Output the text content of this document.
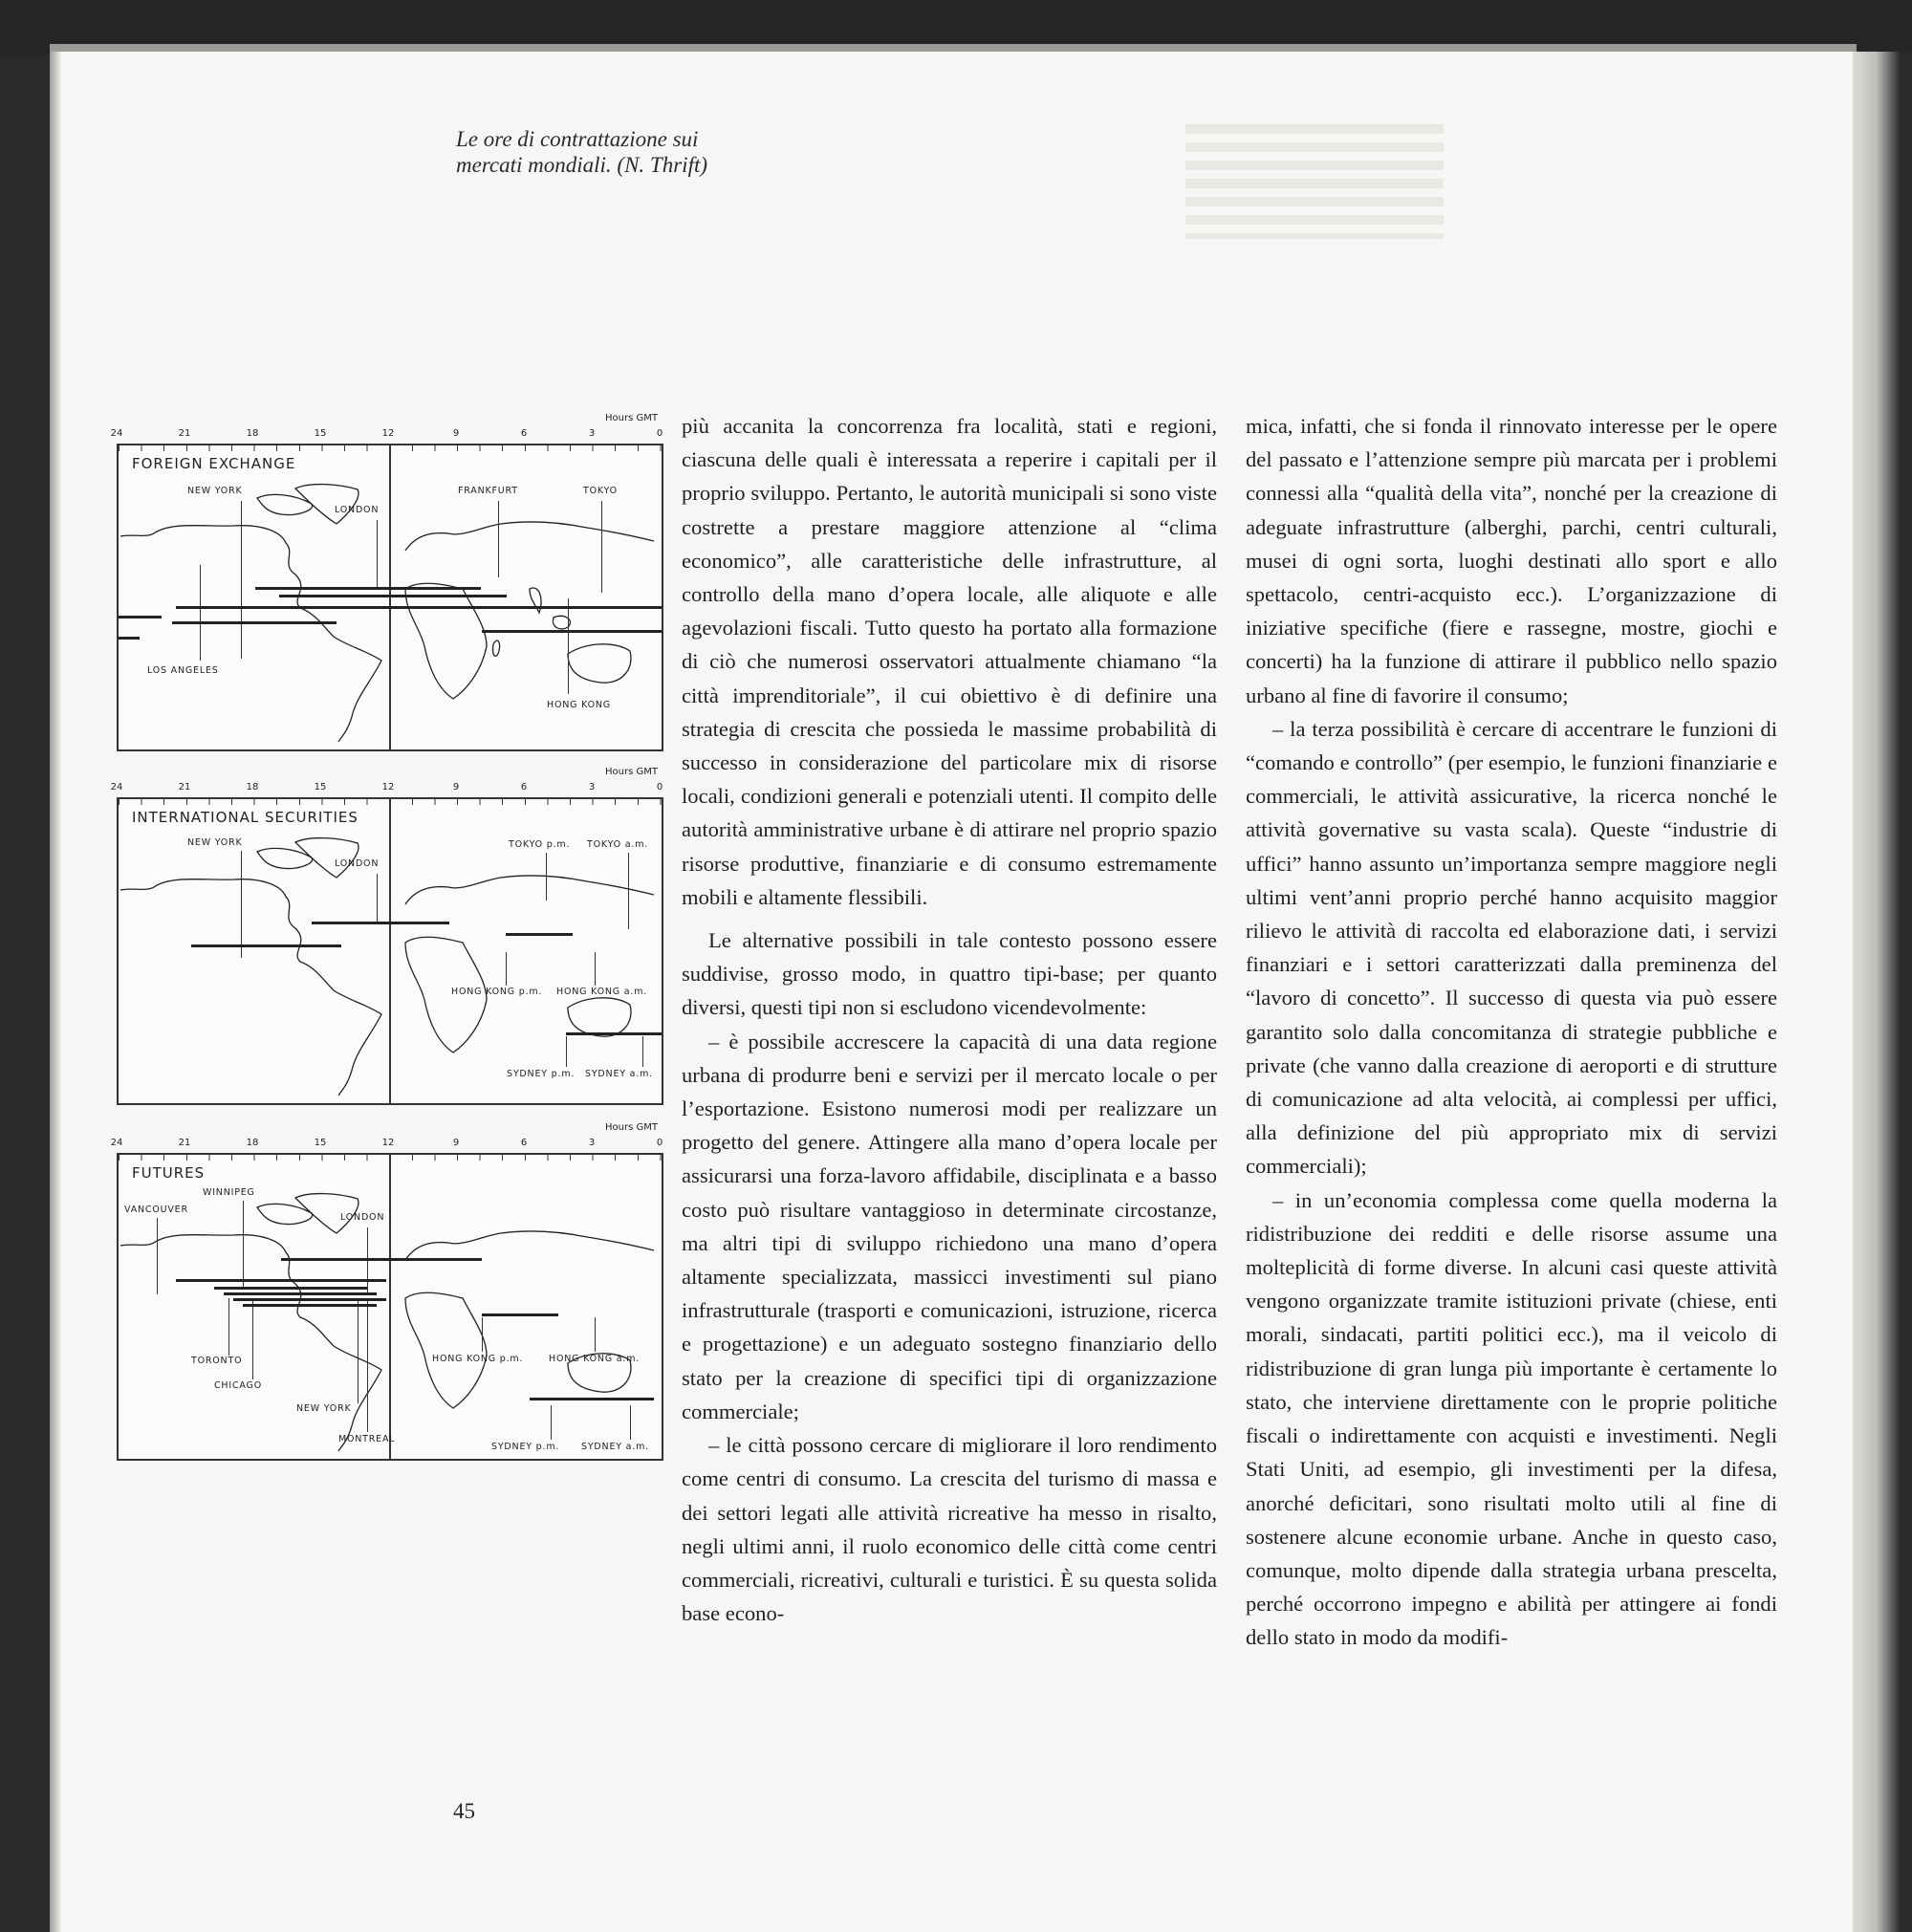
Le ore di contrattazione sui
mercati mondiali. (N. Thrift)
Hours GMT
24	21	18	15	12	9	6	3	0
FOREIGN EXCHANGE
NEW YORK
LONDON
FRANKFURT	TOKYO
LOS ANGELES
HONG KONG
Hours GMT
24	21	18	15	12	9	6	3	0
INTERNATIONAL SECURITIES
NEW YORK
LONDON
TOKYO p.m. TOKYO a.m.
HONG KONG p.m. HONG KONG a.m.
SYDNEY p.m. SYDNEY a.m.
Hours GMT
24	21	18	15	12	9	6	3	0
FUTURES
WINNIPEG
VANCOUVER
LONDON
TORONTO
CHICAGO
NEW YORK
MONTREAL
HONG KONG p.m.	HONG KONG a.m.
SYDNEY p.m. SYDNEY a.m.

più accanita la concorrenza fra località, stati e regioni, ciascuna delle quali è interessata a reperire i capitali per il proprio sviluppo. Pertanto, le autorità municipali si sono viste costrette a prestare maggiore attenzione al “clima economico”, alle caratteristiche delle infrastrutture, al controllo della mano d’opera locale, alle aliquote e alle agevolazioni fiscali. Tutto questo ha portato alla formazione di ciò che numerosi osservatori attualmente chiamano “la città imprenditoriale”, il cui obiettivo è di definire una strategia di crescita che possieda le massime probabilità di successo in considerazione del particolare mix di risorse locali, condizioni generali e potenziali utenti. Il compito delle autorità amministrative urbane è di attirare nel proprio spazio risorse produttive, finanziarie e di consumo estremamente mobili e altamente flessibili.

Le alternative possibili in tale contesto possono essere suddivise, grosso modo, in quattro tipi-base; per quanto diversi, questi tipi non si escludono vicendevolmente:

– è possibile accrescere la capacità di una data regione urbana di produrre beni e servizi per il mercato locale o per l’esportazione. Esistono numerosi modi per realizzare un progetto del genere. Attingere alla mano d’opera locale per assicurarsi una forza-lavoro affidabile, disciplinata e a basso costo può risultare vantaggioso in determinate circostanze, ma altri tipi di sviluppo richiedono una mano d’opera altamente specializzata, massicci investimenti sul piano infrastrutturale (trasporti e comunicazioni, istruzione, ricerca e progettazione) e un adeguato sostegno finanziario dello stato per la creazione di specifici tipi di organizzazione commerciale;

– le città possono cercare di migliorare il loro rendimento come centri di consumo. La crescita del turismo di massa e dei settori legati alle attività ricreative ha messo in risalto, negli ultimi anni, il ruolo economico delle città come centri commerciali, ricreativi, culturali e turistici. È su questa solida base econo-

mica, infatti, che si fonda il rinnovato interesse per le opere del passato e l’attenzione sempre più marcata per i problemi connessi alla “qualità della vita”, nonché per la creazione di adeguate infrastrutture (alberghi, parchi, centri culturali, musei di ogni sorta, luoghi destinati allo sport e allo spettacolo, centri-acquisto ecc.). L’organizzazione di iniziative specifiche (fiere e rassegne, mostre, giochi e concerti) ha la funzione di attirare il pubblico nello spazio urbano al fine di favorire il consumo;

– la terza possibilità è cercare di accentrare le funzioni di “comando e controllo” (per esempio, le funzioni finanziarie e commerciali, le attività assicurative, la ricerca nonché le attività governative su vasta scala). Queste “industrie di uffici” hanno assunto un’importanza sempre maggiore negli ultimi vent’anni proprio perché hanno acquisito maggior rilievo le attività di raccolta ed elaborazione dati, i servizi finanziari e i settori caratterizzati dalla preminenza del “lavoro di concetto”. Il successo di questa via può essere garantito solo dalla concomitanza di strategie pubbliche e private (che vanno dalla creazione di aeroporti e di strutture di comunicazione ad alta velocità, ai complessi per uffici, alla definizione del più appropriato mix di servizi commerciali);

– in un’economia complessa come quella moderna la ridistribuzione dei redditi e delle risorse assume una molteplicità di forme diverse. In alcuni casi queste attività vengono organizzate tramite istituzioni private (chiese, enti morali, sindacati, partiti politici ecc.), ma il veicolo di ridistribuzione di gran lunga più importante è certamente lo stato, che interviene direttamente con le proprie politiche fiscali o indirettamente con acquisti e investimenti. Negli Stati Uniti, ad esempio, gli investimenti per la difesa, anorché deficitari, sono risultati molto utili al fine di sostenere alcune economie urbane. Anche in questo caso, comunque, molto dipende dalla strategia urbana prescelta, perché occorrono impegno e abilità per attingere ai fondi dello stato in modo da modifi-

45
